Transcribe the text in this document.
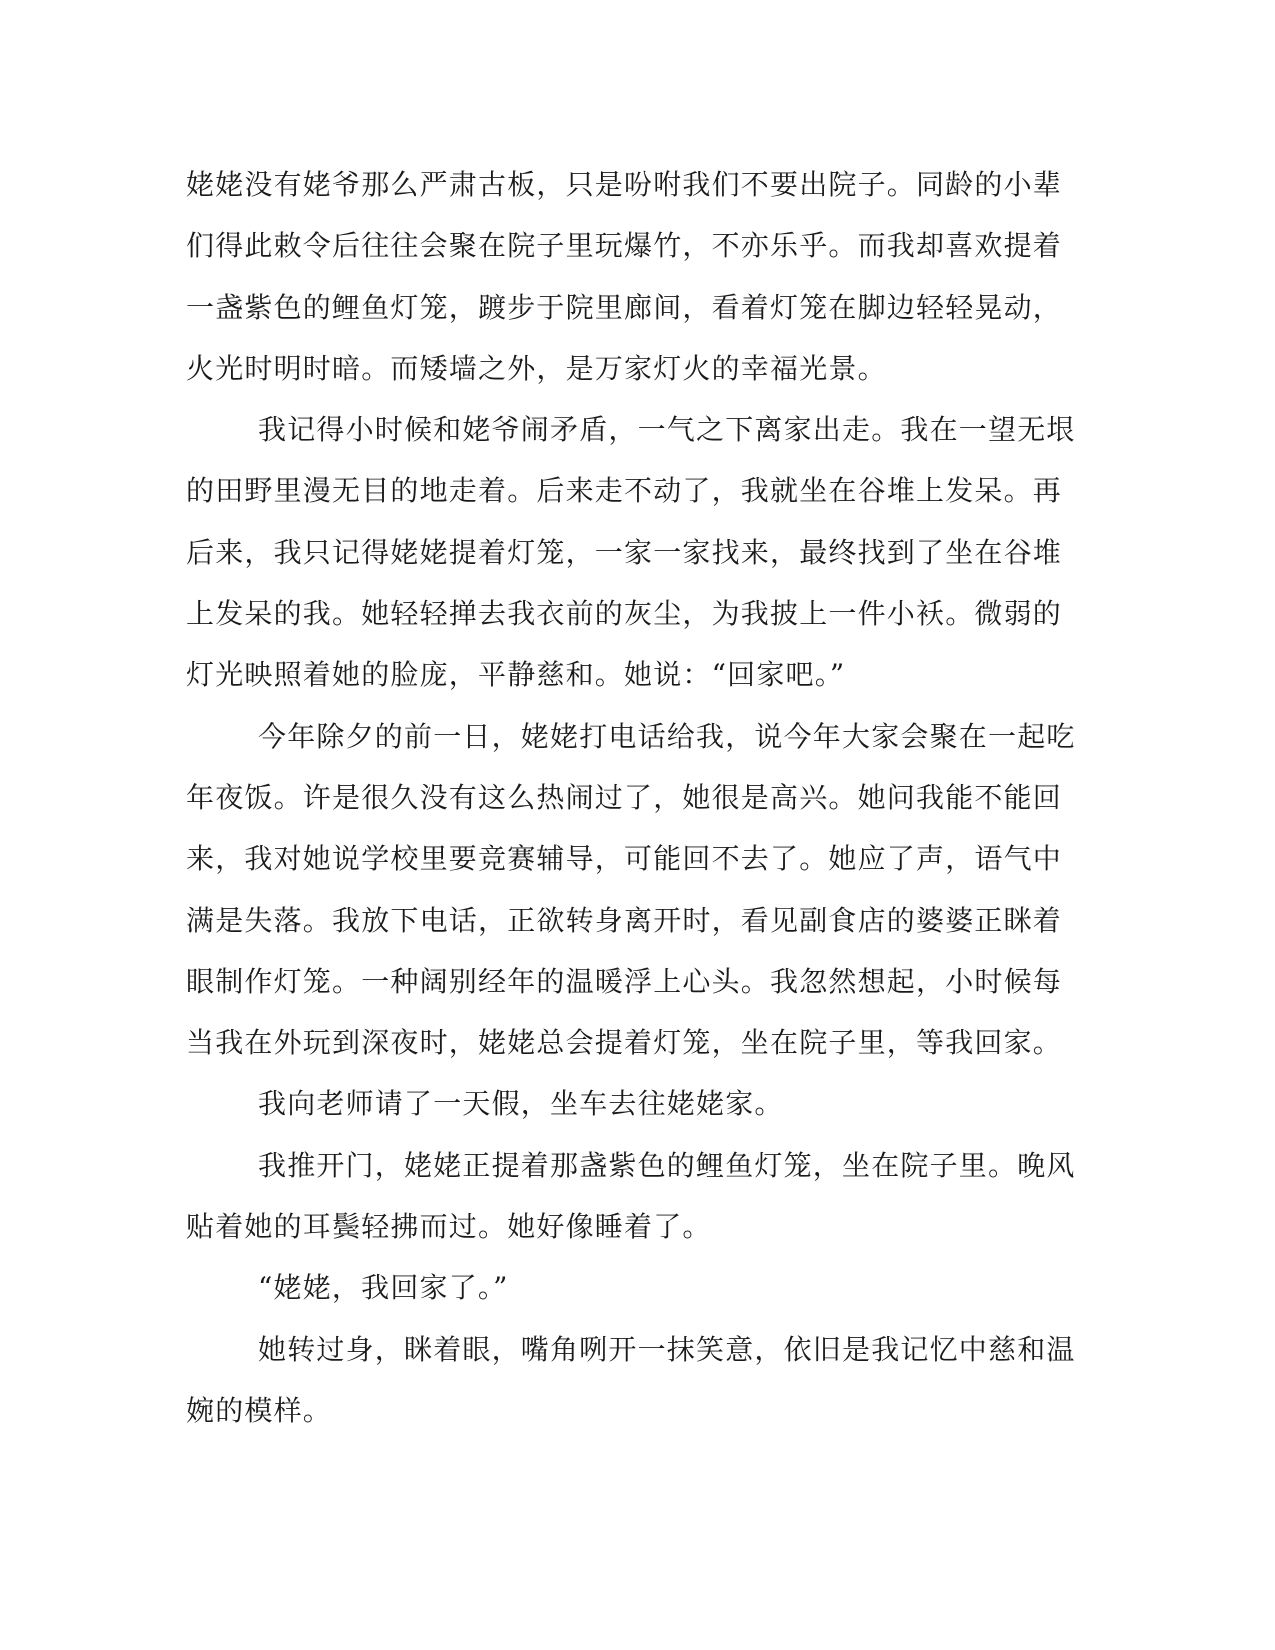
姥姥没有姥爷那么严肃古板，只是吩咐我们不要出院子。同龄的小辈
们得此敕令后往往会聚在院子里玩爆竹，不亦乐乎。而我却喜欢提着
一盏紫色的鲤鱼灯笼，踱步于院里廊间，看着灯笼在脚边轻轻晃动，
火光时明时暗。而矮墙之外，是万家灯火的幸福光景。
我记得小时候和姥爷闹矛盾，一气之下离家出走。我在一望无垠
的田野里漫无目的地走着。后来走不动了，我就坐在谷堆上发呆。再
后来，我只记得姥姥提着灯笼，一家一家找来，最终找到了坐在谷堆
上发呆的我。她轻轻掸去我衣前的灰尘，为我披上一件小袄。微弱的
灯光映照着她的脸庞，平静慈和。她说：“回家吧。”
今年除夕的前一日，姥姥打电话给我，说今年大家会聚在一起吃
年夜饭。许是很久没有这么热闹过了，她很是高兴。她问我能不能回
来，我对她说学校里要竞赛辅导，可能回不去了。她应了声，语气中
满是失落。我放下电话，正欲转身离开时，看见副食店的婆婆正眯着
眼制作灯笼。一种阔别经年的温暖浮上心头。我忽然想起，小时候每
当我在外玩到深夜时，姥姥总会提着灯笼，坐在院子里，等我回家。
我向老师请了一天假，坐车去往姥姥家。
我推开门，姥姥正提着那盏紫色的鲤鱼灯笼，坐在院子里。晚风
贴着她的耳鬓轻拂而过。她好像睡着了。
“姥姥，我回家了。”
她转过身，眯着眼，嘴角咧开一抹笑意，依旧是我记忆中慈和温
婉的模样。
